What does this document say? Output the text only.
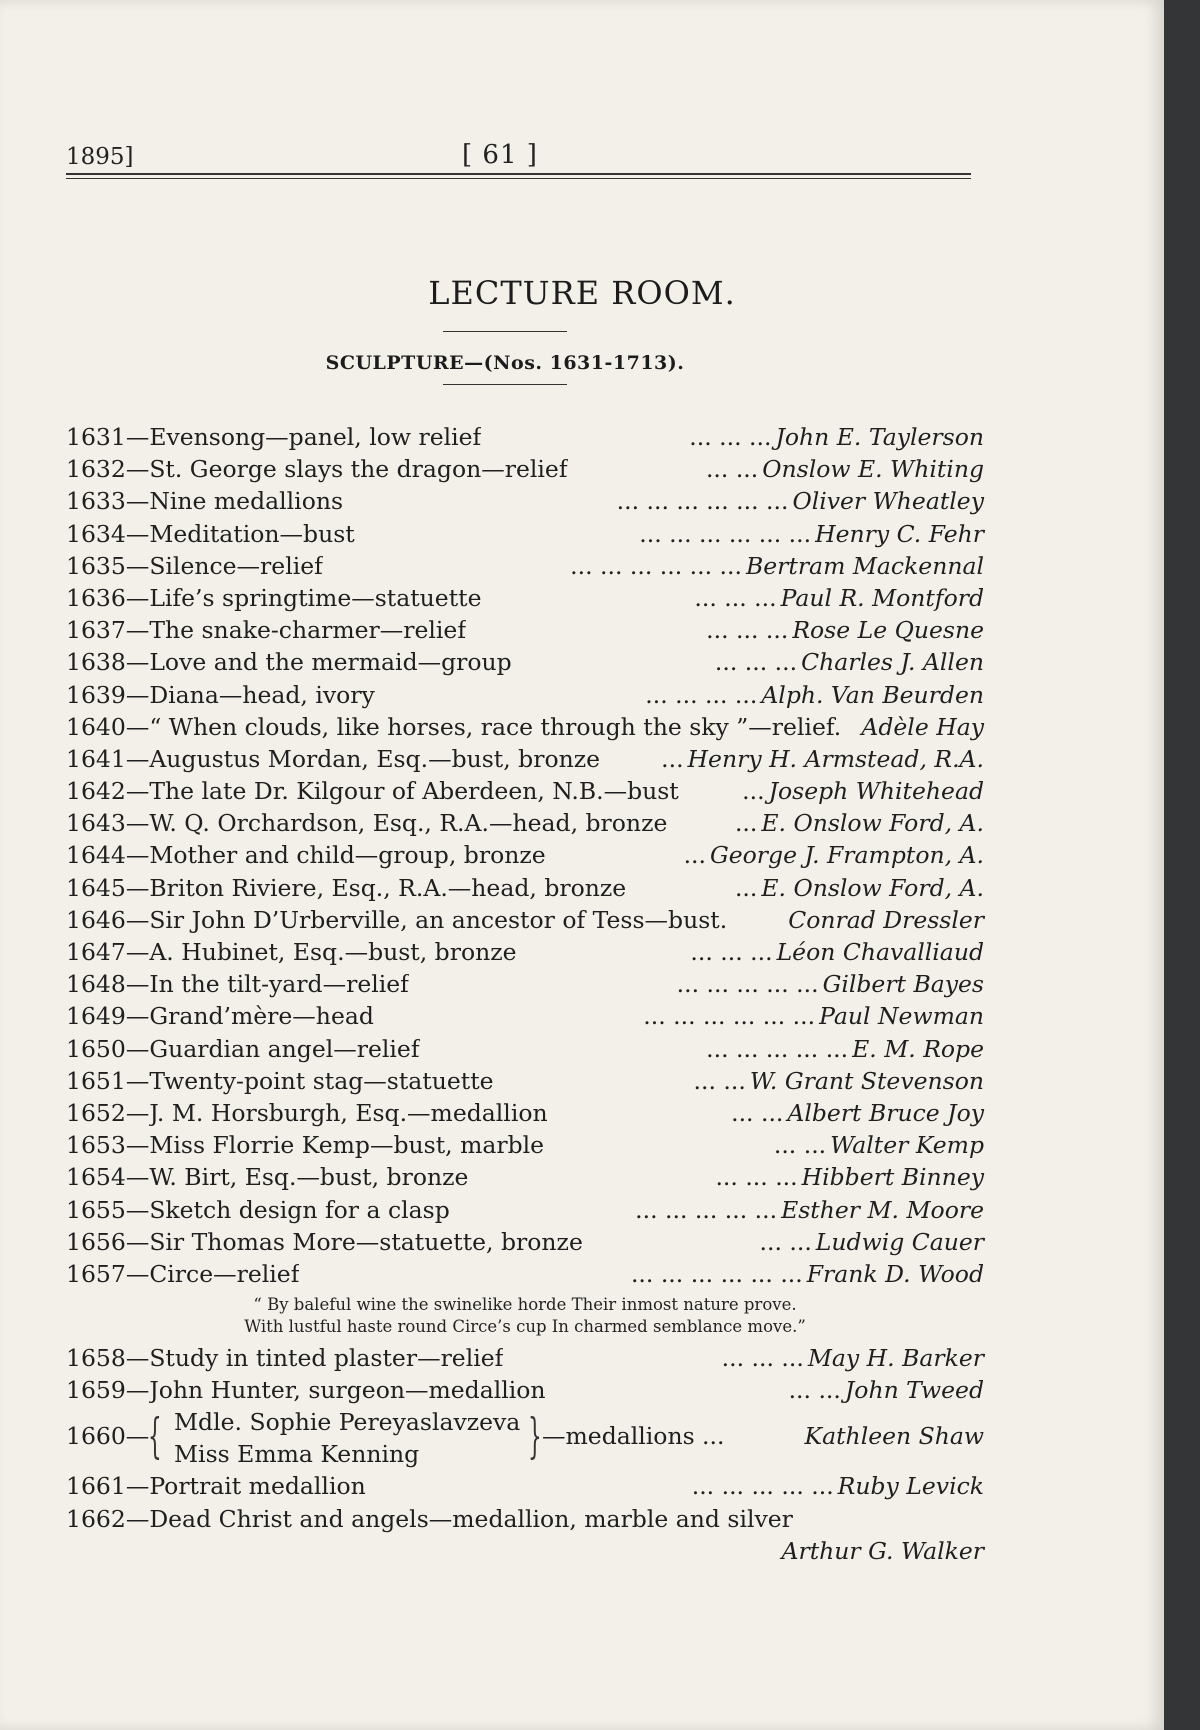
1895]	[ 61 ]
LECTURE ROOM.
SCULPTURE—(Nos. 1631-1713).
1631 — Evensong—panel, low relief	... ... ... John E. Taylerson
1632 — St. George slays the dragon—relief	... ... Onslow E. Whiting
1633 — Nine medallions	... ... ... ... ... ... Oliver Wheatley
1634 — Meditation—bust	... ... ... ... ... ... Henry C. Fehr
1635 — Silence—relief	... ... ... ... ... ... Bertram Mackennal
1636 — Life’s springtime—statuette	... ... ... Paul R. Montford
1637 — The snake-charmer—relief	... ... ... Rose Le Quesne
1638 — Love and the mermaid—group	... ... ... Charles J. Allen
1639 — Diana—head, ivory	... ... ... ... Alph. Van Beurden
1640 — “ When clouds, like horses, race through the sky ”—relief. Adèle Hay
1641 — Augustus Mordan, Esq.—bust, bronze	... Henry H. Armstead, R.A.
1642 — The late Dr. Kilgour of Aberdeen, N.B.—bust	... Joseph Whitehead
1643 — W. Q. Orchardson, Esq., R.A.—head, bronze	... E. Onslow Ford, A.
1644 — Mother and child—group, bronze	... George J. Frampton, A.
1645 — Briton Riviere, Esq., R.A.—head, bronze	... E. Onslow Ford, A.
1646 — Sir John D’Urberville, an ancestor of Tess—bust.	Conrad Dressler
1647 — A. Hubinet, Esq.—bust, bronze	... ... ... Léon Chavalliaud
1648 — In the tilt-yard—relief	... ... ... ... ... Gilbert Bayes
1649 — Grand’mère—head	... ... ... ... ... ... Paul Newman
1650 — Guardian angel—relief	... ... ... ... ... E. M. Rope
1651 — Twenty-point stag—statuette	... ... W. Grant Stevenson
1652 — J. M. Horsburgh, Esq.—medallion	... ... Albert Bruce Joy
1653 — Miss Florrie Kemp—bust, marble	... ... Walter Kemp
1654 — W. Birt, Esq.—bust, bronze	... ... ... Hibbert Binney
1655 — Sketch design for a clasp	... ... ... ... ... Esther M. Moore
1656 — Sir Thomas More—statuette, bronze	... ... Ludwig Cauer
1657 — Circe—relief	... ... ... ... ... ... Frank D. Wood
“ By baleful wine the swinelike horde Their inmost nature prove.
With lustful haste round Circe’s cup In charmed semblance move.”
1658 — Study in tinted plaster—relief	... ... ... May H. Barker
1659 — John Hunter, surgeon—medallion	... ... John Tweed
1660—
{ Mdle. Sophie Pereyaslavzeva
Miss Emma Kenning	} —medallions ...	Kathleen Shaw
1661 — Portrait medallion	... ... ... ... ... Ruby Levick
1662 — Dead Christ and angels—medallion, marble and silver
Arthur G. Walker
